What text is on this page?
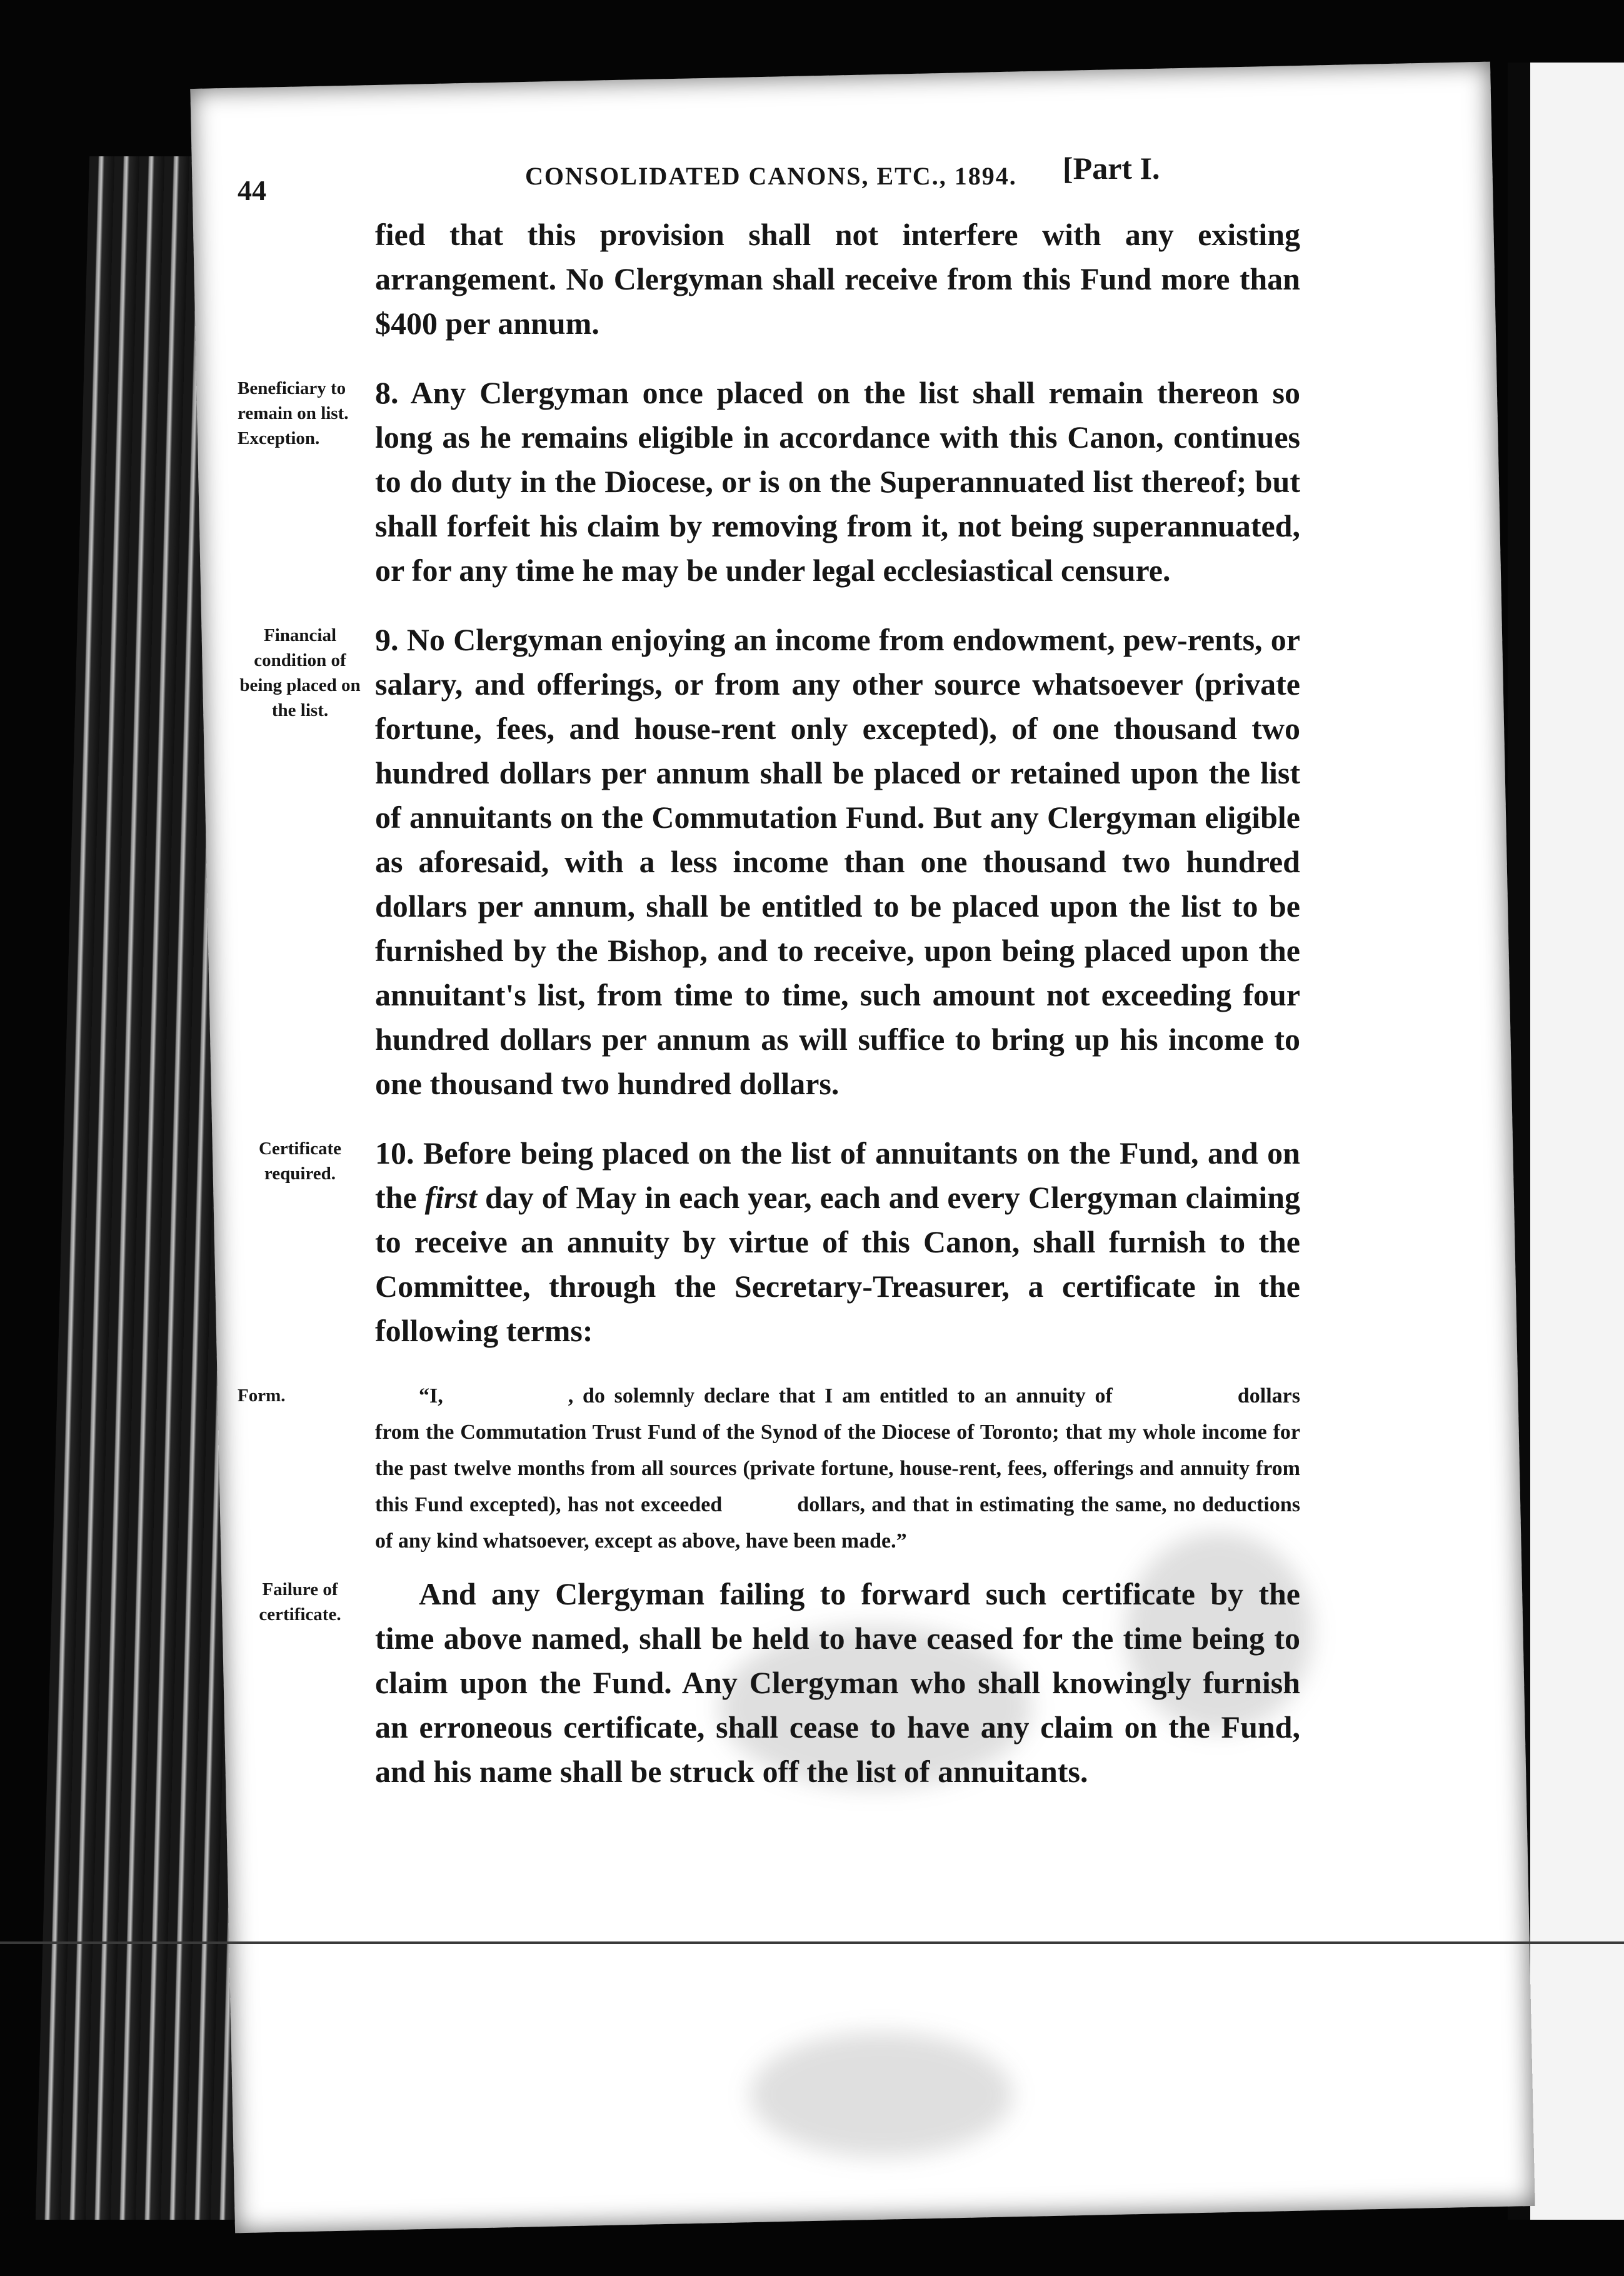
44	CONSOLIDATED CANONS, ETC., 1894. [Part I.
fied that this provision shall not interfere with any existing arrangement. No Clergyman shall receive from this Fund more than $400 per annum.
Beneficiary to remain on list. Exception.
8. Any Clergyman once placed on the list shall remain thereon so long as he remains eligible in accordance with this Canon, continues to do duty in the Diocese, or is on the Superannuated list thereof; but shall forfeit his claim by removing from it, not being superannuated, or for any time he may be under legal ecclesiastical censure.
Financial condition of being placed on the list.
9. No Clergyman enjoying an income from endowment, pew-rents, or salary, and offerings, or from any other source whatsoever (private fortune, fees, and house-rent only excepted), of one thousand two hundred dollars per annum shall be placed or retained upon the list of annuitants on the Commutation Fund. But any Clergyman eligible as aforesaid, with a less income than one thousand two hundred dollars per annum, shall be entitled to be placed upon the list to be furnished by the Bishop, and to receive, upon being placed upon the annuitant's list, from time to time, such amount not exceeding four hundred dollars per annum as will suffice to bring up his income to one thousand two hundred dollars.
Certificate required.
10. Before being placed on the list of annuitants on the Fund, and on the first day of May in each year, each and every Clergyman claiming to receive an annuity by virtue of this Canon, shall furnish to the Committee, through the Secretary-Treasurer, a certificate in the following terms:
Form.	“I,	, do solemnly declare that I am entitled to an annuity of	dollars from the Commutation Trust Fund of the Synod of the Diocese of Toronto; that my whole income for the past twelve months from all sources (private fortune, house-rent, fees, offerings and annuity from this Fund excepted), has not exceeded	dollars, and that in estimating the same, no deductions of any kind whatsoever, except as above, have been made.”
Failure of certificate.
And any Clergyman failing to forward such certificate by the time above named, shall be held to have ceased for the time being to claim upon the Fund. Any Clergyman who shall knowingly furnish an erroneous certificate, shall cease to have any claim on the Fund, and his name shall be struck off the list of annuitants.
